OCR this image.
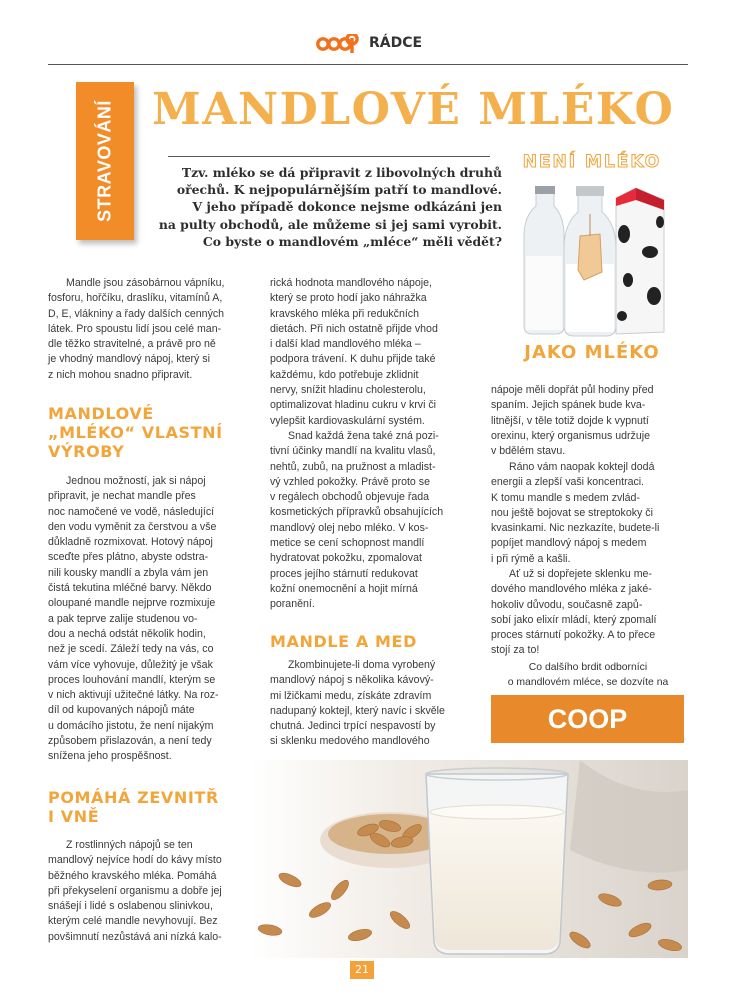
RÁDCE
STRAVOVÁNÍ MANDLOVÉ MLÉKO
Tzv. mléko se dá připravit z libovolných druhů
ořechů. K nejpopulárnějším patří to mandlové.
V jeho případě dokonce nejsme odkázáni jen
na pulty obchodů, ale můžeme si jej sami vyrobit.
Co byste o mandlovém „mléce“ měli vědět?
NENÍ MLÉKO
JAKO MLÉKO
Mandle jsou zásobárnou vápníku,
fosforu, hořčíku, draslíku, vitamínů A,
D, E, vlákniny a řady dalších cenných
látek. Pro spoustu lidí jsou celé man-
dle těžko stravitelné, a právě pro ně
je vhodný mandlový nápoj, který si
z nich mohou snadno připravit.
MANDLOVÉ
„MLÉKO“ VLASTNÍ
VÝROBY
Jednou možností, jak si nápoj
připravit, je nechat mandle přes
noc namočené ve vodě, následující
den vodu vyměnit za čerstvou a vše
důkladně rozmixovat. Hotový nápoj
sceďte přes plátno, abyste odstra-
nili kousky mandlí a zbyla vám jen
čistá tekutina mléčné barvy. Někdo
oloupané mandle nejprve rozmixuje
a pak teprve zalije studenou vo-
dou a nechá odstát několik hodin,
než je scedí. Záleží tedy na vás, co
vám více vyhovuje, důležitý je však
proces louhování mandlí, kterým se
v nich aktivují užitečné látky. Na roz-
díl od kupovaných nápojů máte
u domácího jistotu, že není nijakým
způsobem přislazován, a není tedy
snížena jeho prospěšnost.
POMÁHÁ ZEVNITŘ
I VNĚ
Z rostlinných nápojů se ten
mandlový nejvíce hodí do kávy místo
běžného kravského mléka. Pomáhá
při překyselení organismu a dobře jej
snášejí i lidé s oslabenou slinivkou,
kterým celé mandle nevyhovují. Bez
povšimnutí nezůstává ani nízká kalo-
rická hodnota mandlového nápoje,
který se proto hodí jako náhražka
kravského mléka při redukčních
dietách. Při nich ostatně přijde vhod
i další klad mandlového mléka –
podpora trávení. K duhu přijde také
každému, kdo potřebuje zklidnit
nervy, snížit hladinu cholesterolu,
optimalizovat hladinu cukru v krvi či
vylepšit kardiovaskulární systém.
Snad každá žena také zná pozi-
tivní účinky mandlí na kvalitu vlasů,
nehtů, zubů, na pružnost a mladist-
vý vzhled pokožky. Právě proto se
v regálech obchodů objevuje řada
kosmetických přípravků obsahujících
mandlový olej nebo mléko. V kos-
metice se cení schopnost mandlí
hydratovat pokožku, zpomalovat
proces jejího stárnutí redukovat
kožní onemocnění a hojit mírná
poranění.
MANDLE A MED
Zkombinujete-li doma vyrobený
mandlový nápoj s několika kávový-
mi lžičkami medu, získáte zdravím
nadupaný koktejl, který navíc i skvěle
chutná. Jedinci trpící nespavostí by
si sklenku medového mandlového
nápoje měli dopřát půl hodiny před
spaním. Jejich spánek bude kva-
litnější, v těle totiž dojde k vypnutí
orexinu, který organismus udržuje
v bdělém stavu.
Ráno vám naopak koktejl dodá
energii a zlepší vaši koncentraci.
K tomu mandle s medem zvlád-
nou ještě bojovat se streptokoky či
kvasinkami. Nic nezkazíte, budete-li
popíjet mandlový nápoj s medem
i při rýmě a kašli.
Ať už si dopřejete sklenku me-
dového mandlového mléka z jaké-
hokoliv důvodu, současně zapů-
sobí jako elixír mládí, který zpomalí
proces stárnutí pokožky. A to přece
stojí za to!
Co dalšího brdit odborníci
o mandlovém mléce, se dozvíte na
COOP
21
